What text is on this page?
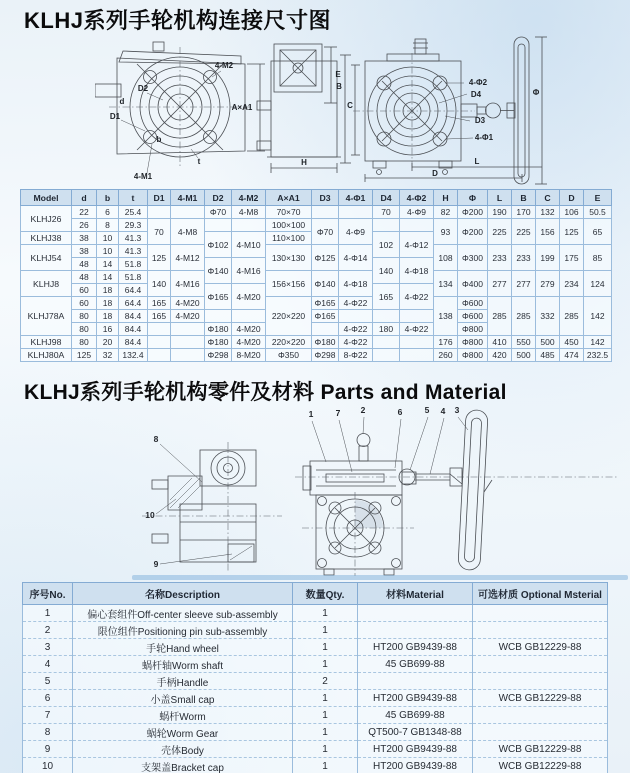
KLHJ系列手轮机构连接尺寸图
4-M2
D2
d
D1
b
4-M1
t
A×A1
E
H
B
C
4-Φ2
D4
D3
4-Φ1
Φ
L
D
Model	d	b	t	D1	4-M1	D2	4-M2	A×A1	D3	4-Φ1	D4	4-Φ2	H	Φ	L	B	C	D	E
KLHJ26	22	6	25.4			Φ70	4-M8	70×70			70	4-Φ9	82	Φ200	190	170	132	106	50.5
	26	8	29.3	70	4-M8			100×100	Φ70	4-Φ9			93	Φ200	225	225	156	125	65
KLHJ38	38	10	41.3			Φ102	4-M10	110×100			102	4-Φ12							
KLHJ54	38	10	41.3	125	4-M12			130×130	Φ125	4-Φ14			108	Φ300	233	233	199	175	85
	48	14	51.8			Φ140	4-M16				140	4-Φ18							
KLHJ8	48	14	51.8	140	4-M16			156×156	Φ140	4-Φ18			134	Φ400	277	277	279	234	124
	60	18	64.4			Φ165	4-M20				165	4-Φ22							
KLHJ78A	60	18	64.4	165	4-M20			220×220	Φ165	4-Φ22			138	Φ600	285	285	332	285	142
	80	18	84.4	165	4-M20				Φ165					Φ600					
	80	16	84.4			Φ180	4-M20			4-Φ22	180	4-Φ22		Φ800					
KLHJ98	80	20	84.4			Φ180	4-M20	220×220	Φ180	4-Φ22			176	Φ800	410	550	500	450	142
KLHJ80A	125	32	132.4			Φ298	8-M20	Φ350	Φ298	8-Φ22			260	Φ800	420	500	485	474	232.5
KLHJ系列手轮机构零件及材料 Parts and Material
8
10
9
1	7 2	6	5 4 3
序号No.	名称Description	数量Qty.	材料Material	可选材质 Optional Msterial
1	偏心套组件Off-center sleeve sub-assembly	1		
2	限位组件Positioning pin sub-assembly	1		
3	手轮Hand wheel	1	HT200 GB9439-88	WCB GB12229-88
4	蜗杆轴Worm shaft	1	45 GB699-88	
5	手柄Handle	2		
6	小盖Small cap	1	HT200 GB9439-88	WCB GB12229-88
7	蜗杆Worm	1	45 GB699-88	
8	蜗轮Worm Gear	1	QT500-7 GB1348-88	
9	壳体Body	1	HT200 GB9439-88	WCB GB12229-88
10	支架盖Bracket cap	1	HT200 GB9439-88	WCB GB12229-88
